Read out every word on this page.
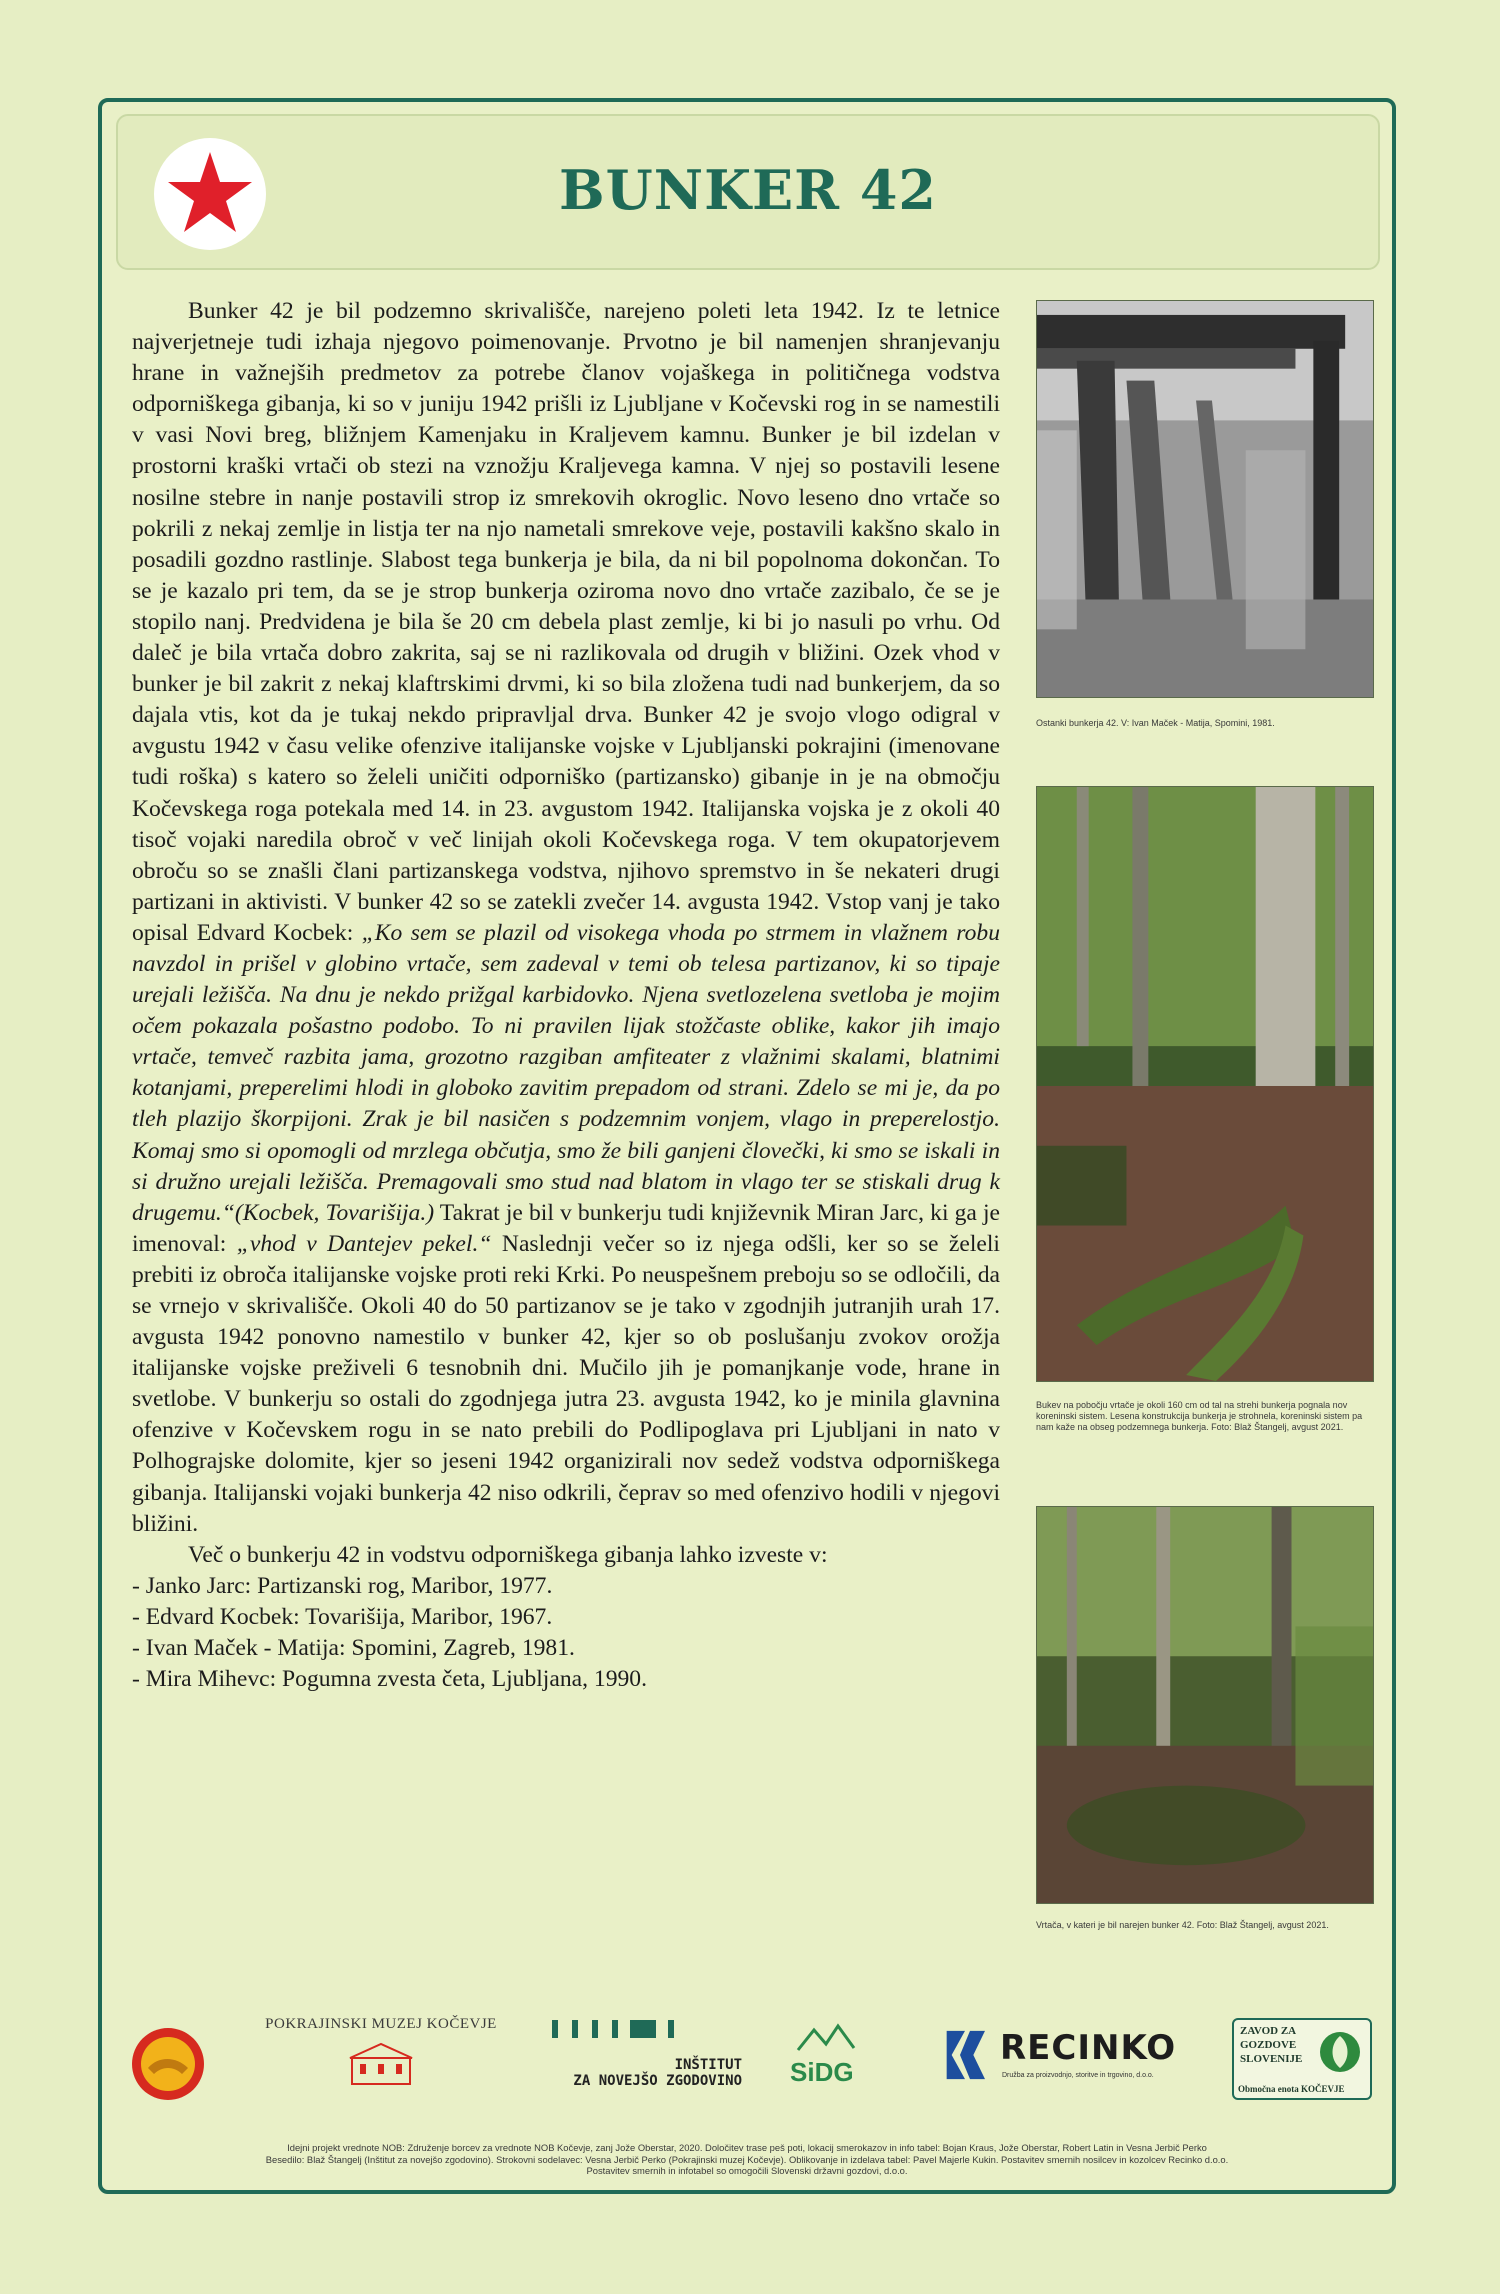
BUNKER 42

Bunker 42 je bil podzemno skrivališče, narejeno poleti leta 1942. Iz te letnice najverjetneje tudi izhaja njegovo poimenovanje. Prvotno je bil namenjen shranjevanju hrane in važnejših predmetov za potrebe članov vojaškega in političnega vodstva odporniškega gibanja, ki so v juniju 1942 prišli iz Ljubljane v Kočevski rog in se namestili v vasi Novi breg, bližnjem Kamenjaku in Kraljevem kamnu. Bunker je bil izdelan v prostorni kraški vrtači ob stezi na vznožju Kraljevega kamna. V njej so postavili lesene nosilne stebre in nanje postavili strop iz smrekovih okroglic. Novo leseno dno vrtače so pokrili z nekaj zemlje in listja ter na njo nametali smrekove veje, postavili kakšno skalo in posadili gozdno rastlinje. Slabost tega bunkerja je bila, da ni bil popolnoma dokončan. To se je kazalo pri tem, da se je strop bunkerja oziroma novo dno vrtače zazibalo, če se je stopilo nanj. Predvidena je bila še 20 cm debela plast zemlje, ki bi jo nasuli po vrhu. Od daleč je bila vrtača dobro zakrita, saj se ni razlikovala od drugih v bližini. Ozek vhod v bunker je bil zakrit z nekaj klaftrskimi drvmi, ki so bila zložena tudi nad bunkerjem, da so dajala vtis, kot da je tukaj nekdo pripravljal drva. Bunker 42 je svojo vlogo odigral v avgustu 1942 v času velike ofenzive italijanske vojske v Ljubljanski pokrajini (imenovane tudi roška) s katero so želeli uničiti odporniško (partizansko) gibanje in je na območju Kočevskega roga potekala med 14. in 23. avgustom 1942. Italijanska vojska je z okoli 40 tisoč vojaki naredila obroč v več linijah okoli Kočevskega roga. V tem okupatorjevem obroču so se znašli člani partizanskega vodstva, njihovo spremstvo in še nekateri drugi partizani in aktivisti. V bunker 42 so se zatekli zvečer 14. avgusta 1942. Vstop vanj je tako opisal Edvard Kocbek: „Ko sem se plazil od visokega vhoda po strmem in vlažnem robu navzdol in prišel v globino vrtače, sem zadeval v temi ob telesa partizanov, ki so tipaje urejali ležišča. Na dnu je nekdo prižgal karbidovko. Njena svetlozelena svetloba je mojim očem pokazala pošastno podobo. To ni pravilen lijak stožčaste oblike, kakor jih imajo vrtače, temveč razbita jama, grozotno razgiban amfiteater z vlažnimi skalami, blatnimi kotanjami, preperelimi hlodi in globoko zavitim prepadom od strani. Zdelo se mi je, da po tleh plazijo škorpijoni. Zrak je bil nasičen s podzemnim vonjem, vlago in preperelostjo. Komaj smo si opomogli od mrzlega občutja, smo že bili ganjeni človečki, ki smo se iskali in si družno urejali ležišča. Premagovali smo stud nad blatom in vlago ter se stiskali drug k drugemu.“(Kocbek, Tovarišija.) Takrat je bil v bunkerju tudi književnik Miran Jarc, ki ga je imenoval: „vhod v Dantejev pekel.“ Naslednji večer so iz njega odšli, ker so se želeli prebiti iz obroča italijanske vojske proti reki Krki. Po neuspešnem preboju so se odločili, da se vrnejo v skrivališče. Okoli 40 do 50 partizanov se je tako v zgodnjih jutranjih urah 17. avgusta 1942 ponovno namestilo v bunker 42, kjer so ob poslušanju zvokov orožja italijanske vojske preživeli 6 tesnobnih dni. Mučilo jih je pomanjkanje vode, hrane in svetlobe. V bunkerju so ostali do zgodnjega jutra 23. avgusta 1942, ko je minila glavnina ofenzive v Kočevskem rogu in se nato prebili do Podlipoglava pri Ljubljani in nato v Polhograjske dolomite, kjer so jeseni 1942 organizirali nov sedež vodstva odporniškega gibanja. Italijanski vojaki bunkerja 42 niso odkrili, čeprav so med ofenzivo hodili v njegovi bližini.

Več o bunkerju 42 in vodstvu odporniškega gibanja lahko izveste v:

- Janko Jarc: Partizanski rog, Maribor, 1977.
- Edvard Kocbek: Tovarišija, Maribor, 1967.
- Ivan Maček - Matija: Spomini, Zagreb, 1981.
- Mira Mihevc: Pogumna zvesta četa, Ljubljana, 1990.
Ostanki bunkerja 42. V: Ivan Maček - Matija, Spomini, 1981.
Bukev na pobočju vrtače je okoli 160 cm od tal na strehi bunkerja pognala nov koreninski sistem. Lesena konstrukcija bunkerja je strohnela, koreninski sistem pa nam kaže na obseg podzemnega bunkerja. Foto: Blaž Štangelj, avgust 2021.
Vrtača, v kateri je bil narejen bunker 42. Foto: Blaž Štangelj, avgust 2021.
POKRAJINSKI MUZEJ KOČEVJE
INŠTITUT
ZA NOVEJŠO ZGODOVINO SiDG
RECINKO
Družba za proizvodnjo, storitve in trgovino, d.o.o.
ZAVOD ZA
GOZDOVE
SLOVENIJE
Območna enota KOČEVJE
Idejni projekt vrednote NOB: Združenje borcev za vrednote NOB Kočevje, zanj Jože Oberstar, 2020. Določitev trase peš poti, lokacij smerokazov in info tabel: Bojan Kraus, Jože Oberstar, Robert Latin in Vesna Jerbič Perko
Besedilo: Blaž Štangelj (Inštitut za novejšo zgodovino). Strokovni sodelavec: Vesna Jerbič Perko (Pokrajinski muzej Kočevje). Oblikovanje in izdelava tabel: Pavel Majerle Kukin. Postavitev smernih nosilcev in kozolcev Recinko d.o.o.
Postavitev smernih in infotabel so omogočili Slovenski državni gozdovi, d.o.o.
